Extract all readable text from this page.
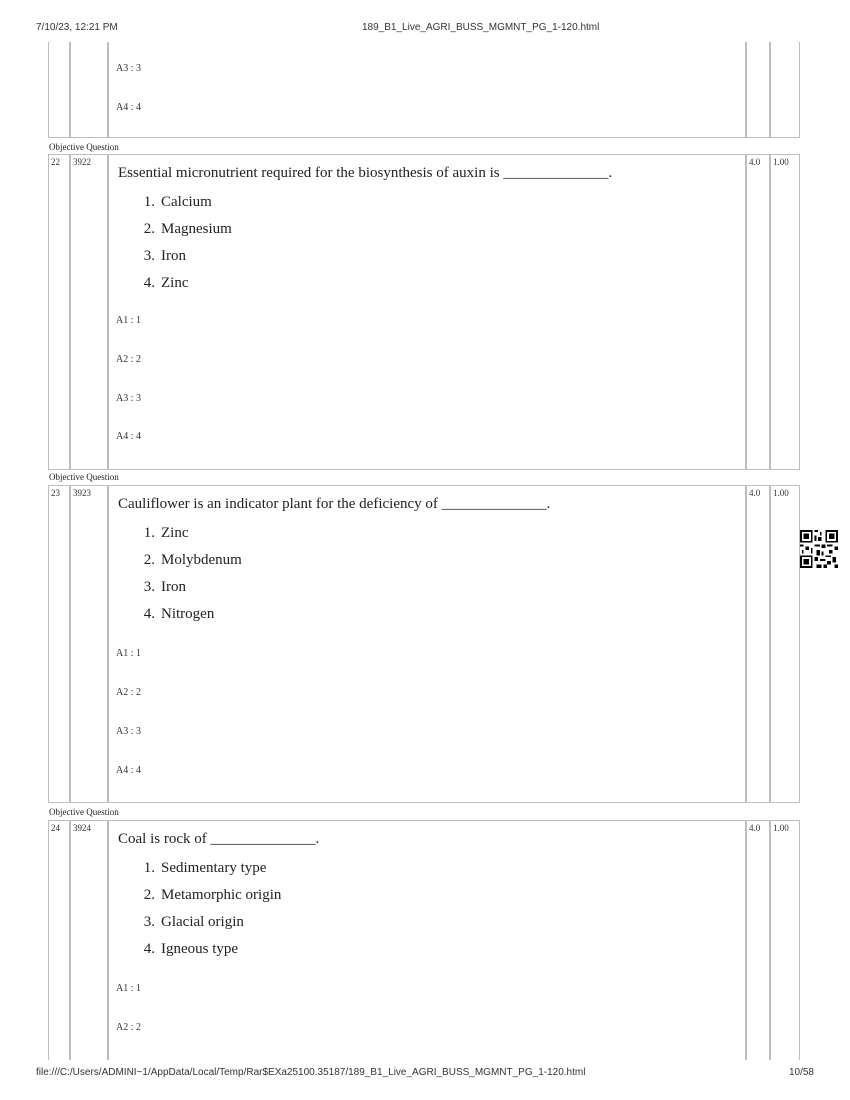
7/10/23, 12:21 PM	189_B1_Live_AGRI_BUSS_MGMNT_PG_1-120.html
A3 : 3
A4 : 4
Objective Question
22 3922
Essential micronutrient required for the biosynthesis of auxin is ______________.
1. Calcium
2. Magnesium
3. Iron
4. Zinc
A1 : 1
A2 : 2
A3 : 3
A4 : 4
4.0 1.00
Objective Question
23 3923
Cauliflower is an indicator plant for the deficiency of ______________.
1. Zinc
2. Molybdenum
3. Iron
4. Nitrogen
A1 : 1
A2 : 2
A3 : 3
A4 : 4
4.0 1.00
Objective Question
24 3924
Coal is rock of ______________.
1. Sedimentary type
2. Metamorphic origin
3. Glacial origin
4. Igneous type
A1 : 1
A2 : 2
4.0 1.00
file:///C:/Users/ADMINI~1/AppData/Local/Temp/Rar$EXa25100.35187/189_B1_Live_AGRI_BUSS_MGMNT_PG_1-120.html	10/58
